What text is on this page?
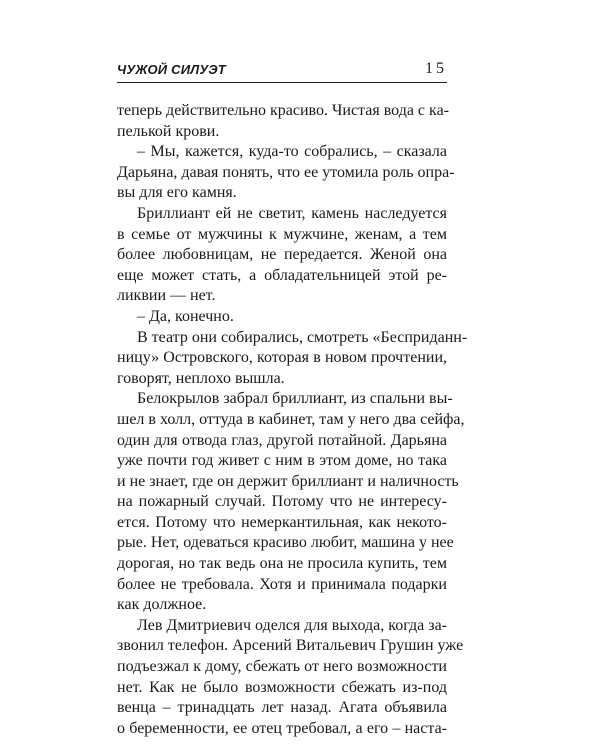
ЧУЖОЙ СИЛУЭТ	15
теперь действительно красиво. Чистая вода с ка-
пелькой крови.
– Мы, кажется, куда-то собрались, – сказала
Дарьяна, давая понять, что ее утомила роль опра-
вы для его камня.
Бриллиант ей не светит, камень наследуется
в семье от мужчины к мужчине, женам, а тем
более любовницам, не передается. Женой она
еще может стать, а обладательницей этой ре-
ликвии — нет.
– Да, конечно.
В театр они собирались, смотреть «Бесприданн-
ницу» Островского, которая в новом прочтении,
говорят, неплохо вышла.
Белокрылов забрал бриллиант, из спальни вы-
шел в холл, оттуда в кабинет, там у него два сейфа,
один для отвода глаз, другой потайной. Дарьяна
уже почти год живет с ним в этом доме, но така
и не знает, где он держит бриллиант и наличность
на пожарный случай. Потому что не интересу-
ется. Потому что немеркантильная, как некото-
рые. Нет, одеваться красиво любит, машина у нее
дорогая, но так ведь она не просила купить, тем
более не требовала. Хотя и принимала подарки
как должное.
Лев Дмитриевич оделся для выхода, когда за-
звонил телефон. Арсений Витальевич Грушин уже
подъезжал к дому, сбежать от него возможности
нет. Как не было возможности сбежать из-под
венца – тринадцать лет назад. Агата объявила
о беременности, ее отец требовал, а его – наста-
